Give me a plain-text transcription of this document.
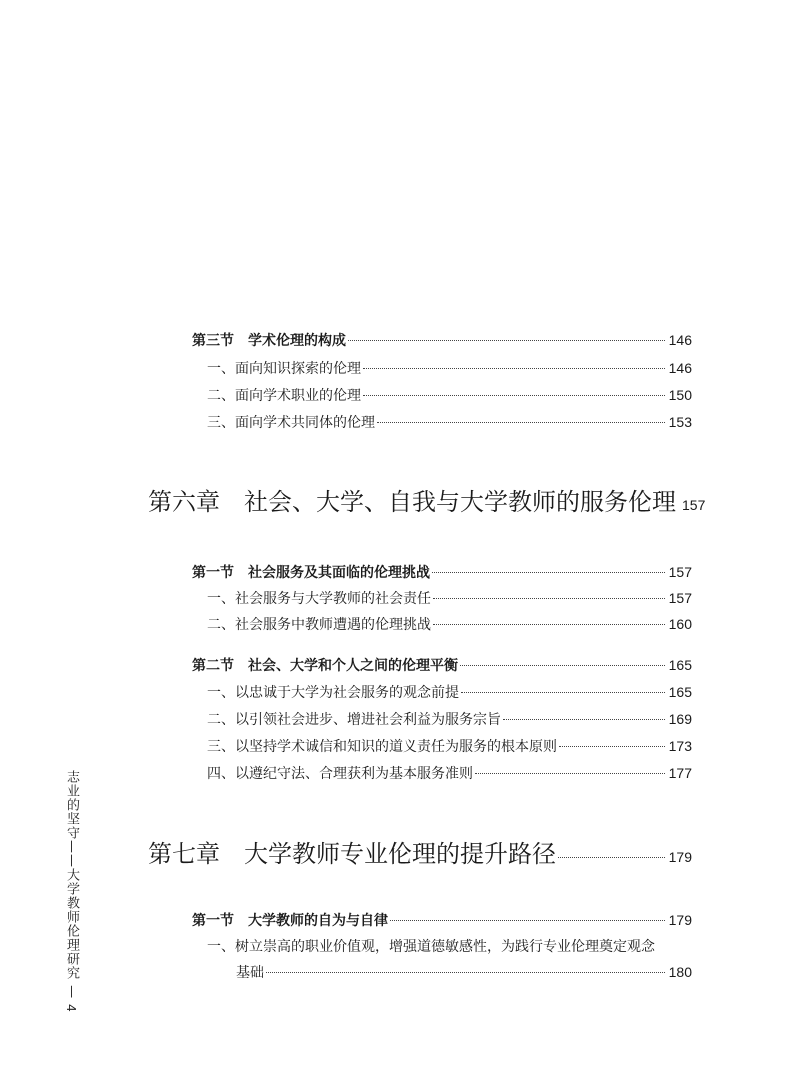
第三节　学术伦理的构成	146
一、面向知识探索的伦理	146
二、面向学术职业的伦理	150
三、面向学术共同体的伦理	153
第六章　社会、大学、自我与大学教师的服务伦理 157
第一节　社会服务及其面临的伦理挑战	157
一、社会服务与大学教师的社会责任	157
二、社会服务中教师遭遇的伦理挑战	160
第二节　社会、大学和个人之间的伦理平衡	165
一、以忠诚于大学为社会服务的观念前提	165
二、以引领社会进步、增进社会利益为服务宗旨	169
三、以坚持学术诚信和知识的道义责任为服务的根本原则	173
四、以遵纪守法、合理获利为基本服务准则	177
第七章　大学教师专业伦理的提升路径	179
第一节　大学教师的自为与自律	179
一、树立崇高的职业价值观，增强道德敏感性，为践行专业伦理奠定观念
基础	180
志业的坚守——大学教师伦理研究 — 4
